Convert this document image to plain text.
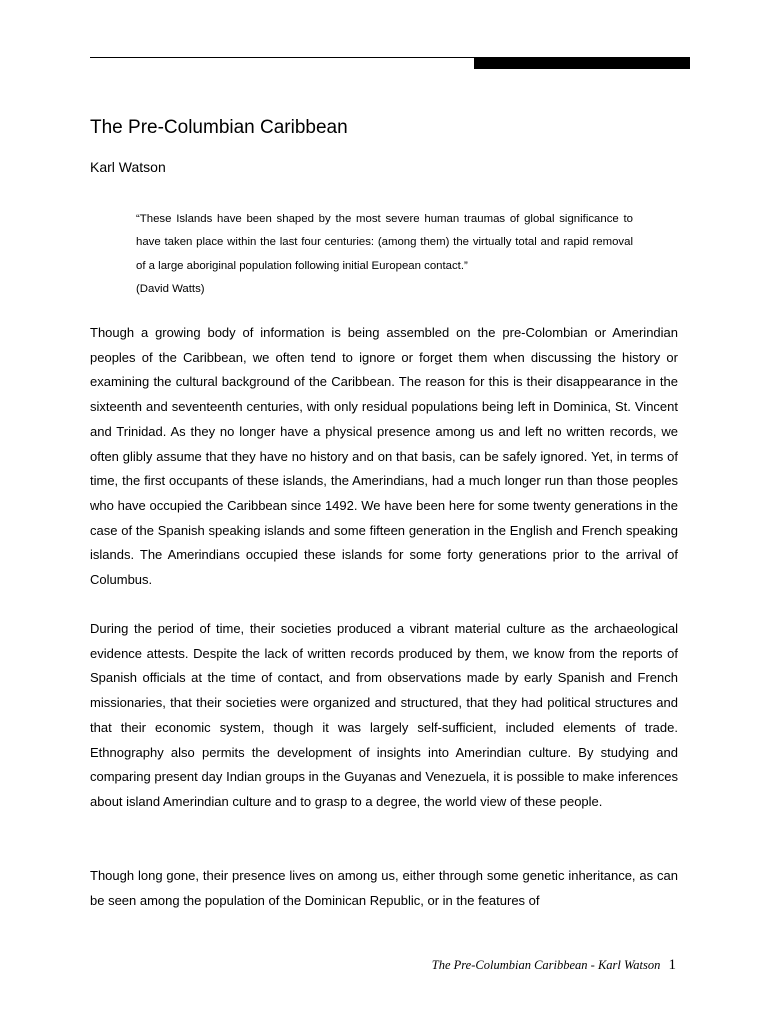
The Pre-Columbian Caribbean
Karl Watson
“These Islands have been shaped by the most severe human traumas of global significance to have taken place within the last four centuries: (among them) the virtually total and rapid removal of a large aboriginal population following initial European contact.”
(David Watts)

Though a growing body of information is being assembled on the pre-Colombian or Amerindian peoples of the Caribbean, we often tend to ignore or forget them when discussing the history or examining the cultural background of the Caribbean. The reason for this is their disappearance in the sixteenth and seventeenth centuries, with only residual populations being left in Dominica, St. Vincent and Trinidad. As they no longer have a physical presence among us and left no written records, we often glibly assume that they have no history and on that basis, can be safely ignored. Yet, in terms of time, the first occupants of these islands, the Amerindians, had a much longer run than those peoples who have occupied the Caribbean since 1492. We have been here for some twenty generations in the case of the Spanish speaking islands and some fifteen generation in the English and French speaking islands. The Amerindians occupied these islands for some forty generations prior to the arrival of Columbus.

During the period of time, their societies produced a vibrant material culture as the archaeological evidence attests. Despite the lack of written records produced by them, we know from the reports of Spanish officials at the time of contact, and from observations made by early Spanish and French missionaries, that their societies were organized and structured, that they had political structures and that their economic system, though it was largely self-sufficient, included elements of trade. Ethnography also permits the development of insights into Amerindian culture. By studying and comparing present day Indian groups in the Guyanas and Venezuela, it is possible to make inferences about island Amerindian culture and to grasp to a degree, the world view of these people.

Though long gone, their presence lives on among us, either through some genetic inheritance, as can be seen among the population of the Dominican Republic, or in the features of

The Pre-Columbian Caribbean - Karl Watson 1
